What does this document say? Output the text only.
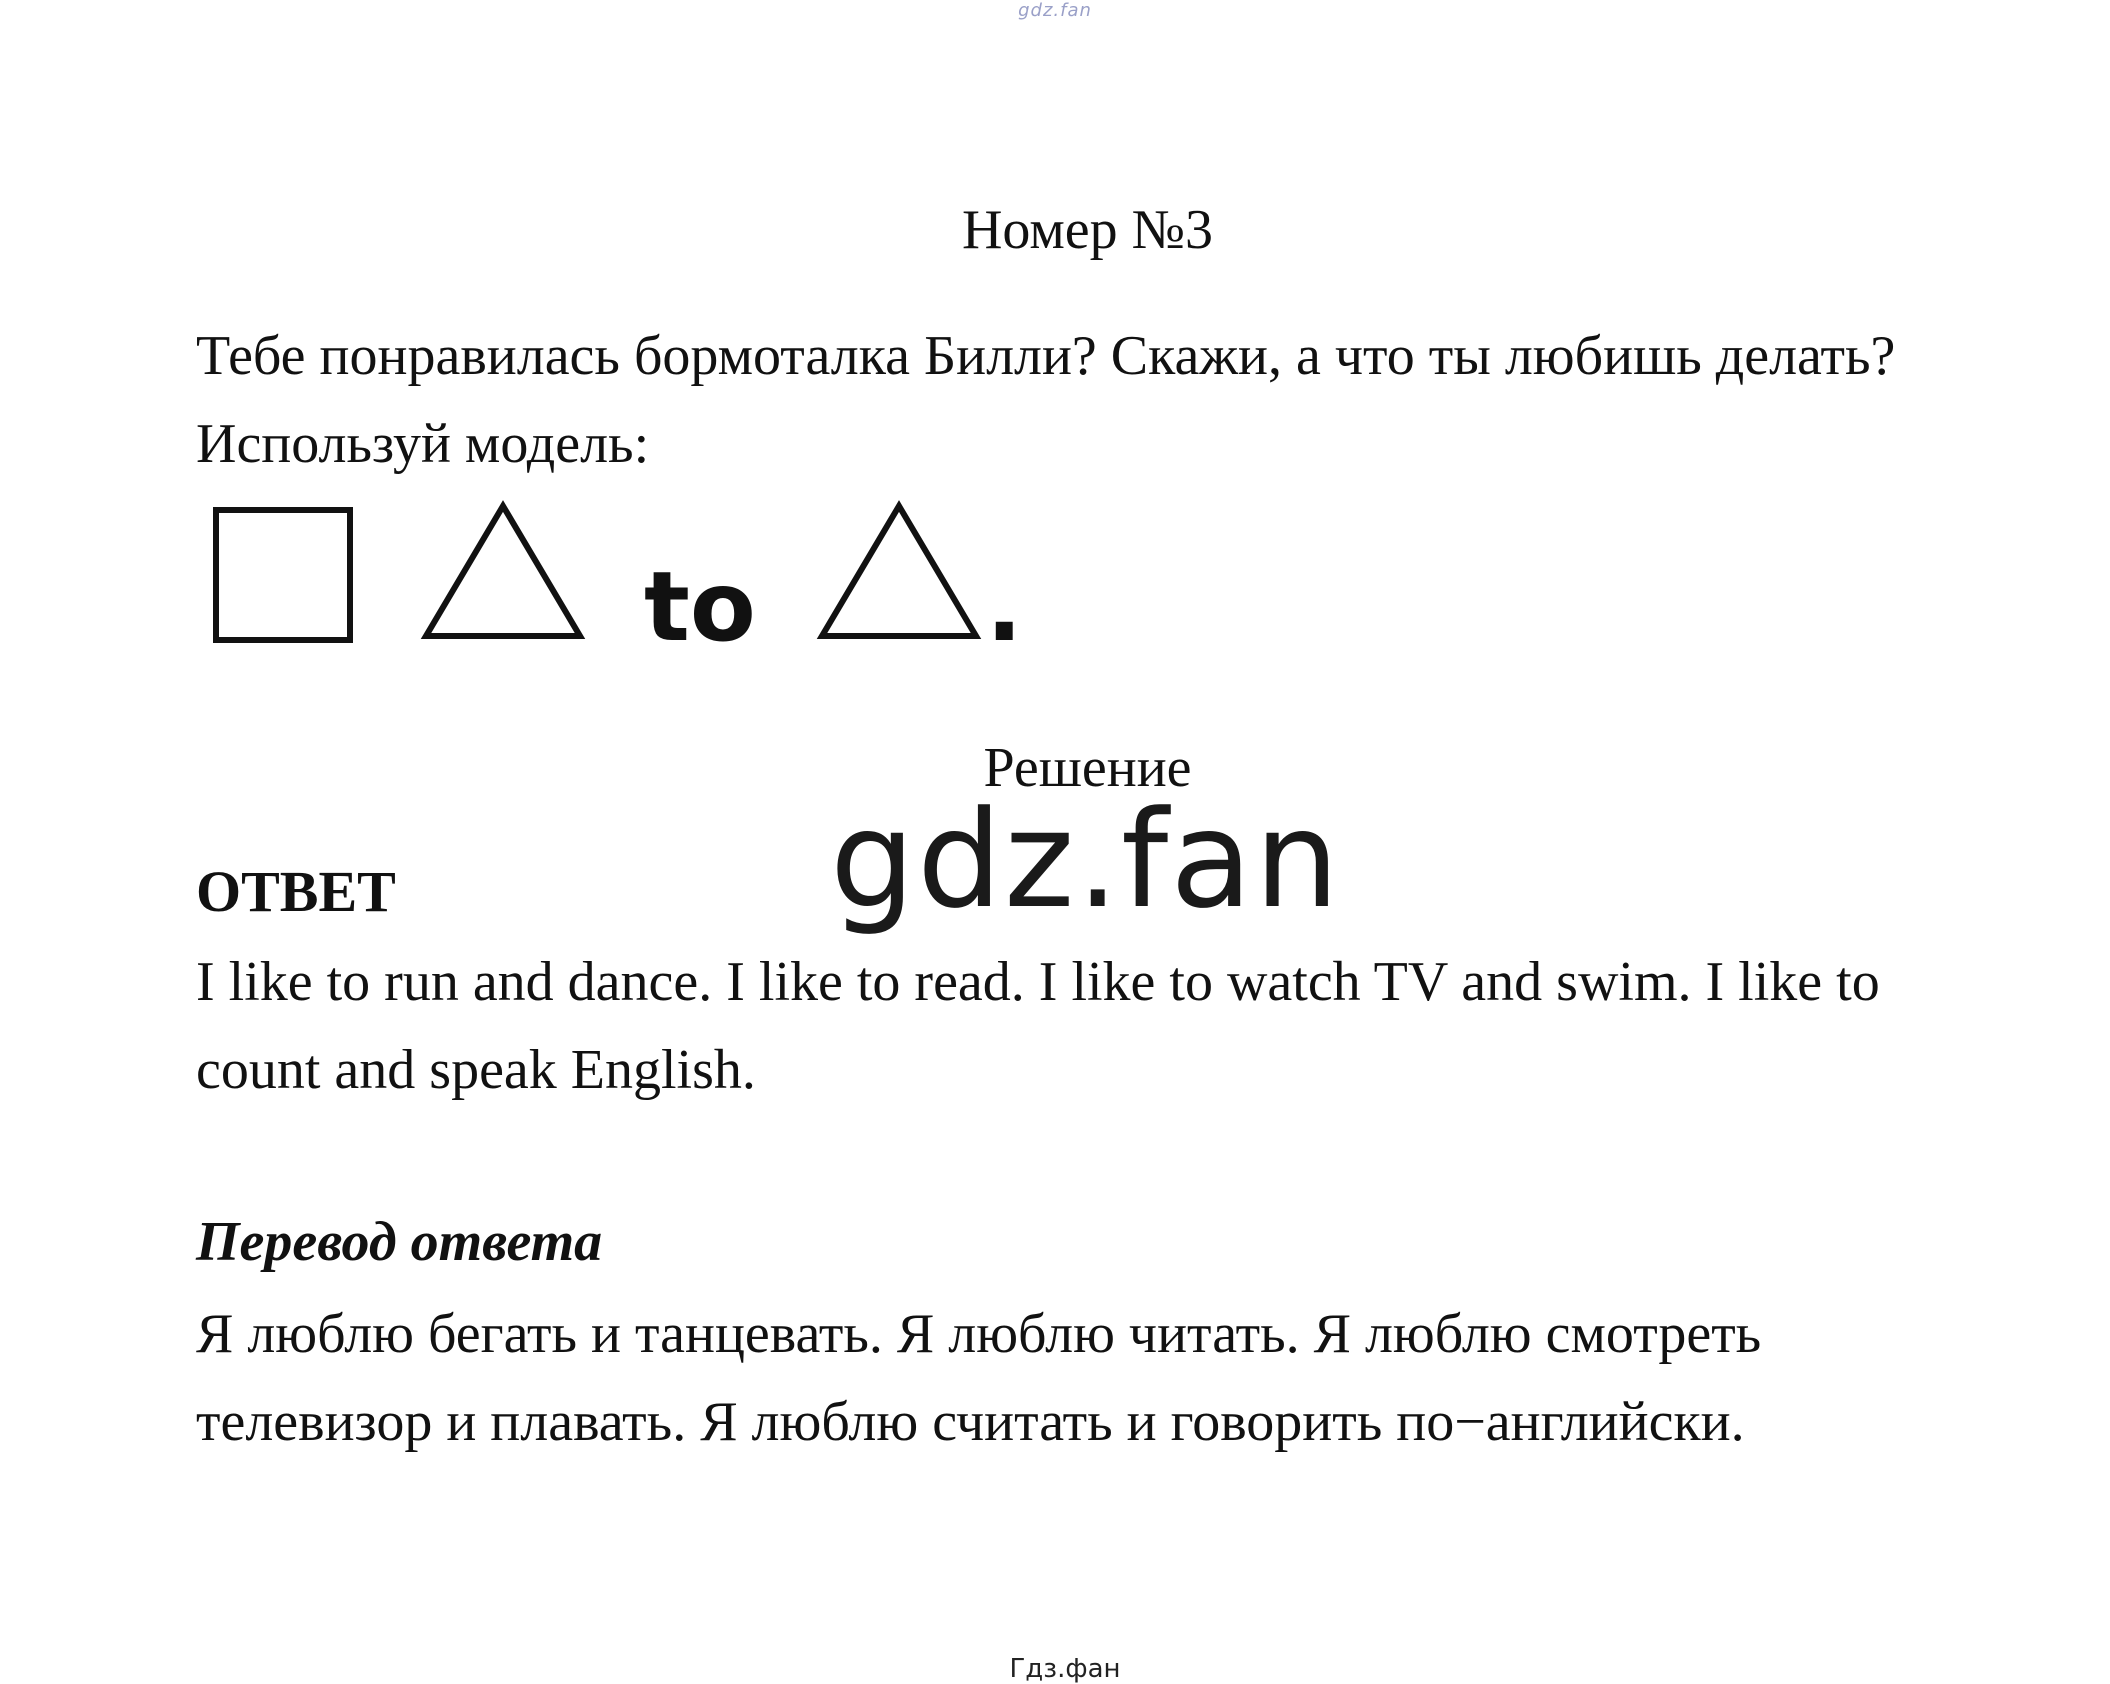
gdz.fan
Номер №3
Тебе понравилась бормоталка Билли? Скажи, а что ты любишь делать? Используй модель:
to .
Решение
gdz.fan
ОТВЕТ
I like to run and dance. I like to read. I like to watch TV and swim. I like to count and speak English.
Перевод ответа
Я люблю бегать и танцевать. Я люблю читать. Я люблю смотреть телевизор и плавать. Я люблю считать и говорить по−английски.
Гдз.фан
